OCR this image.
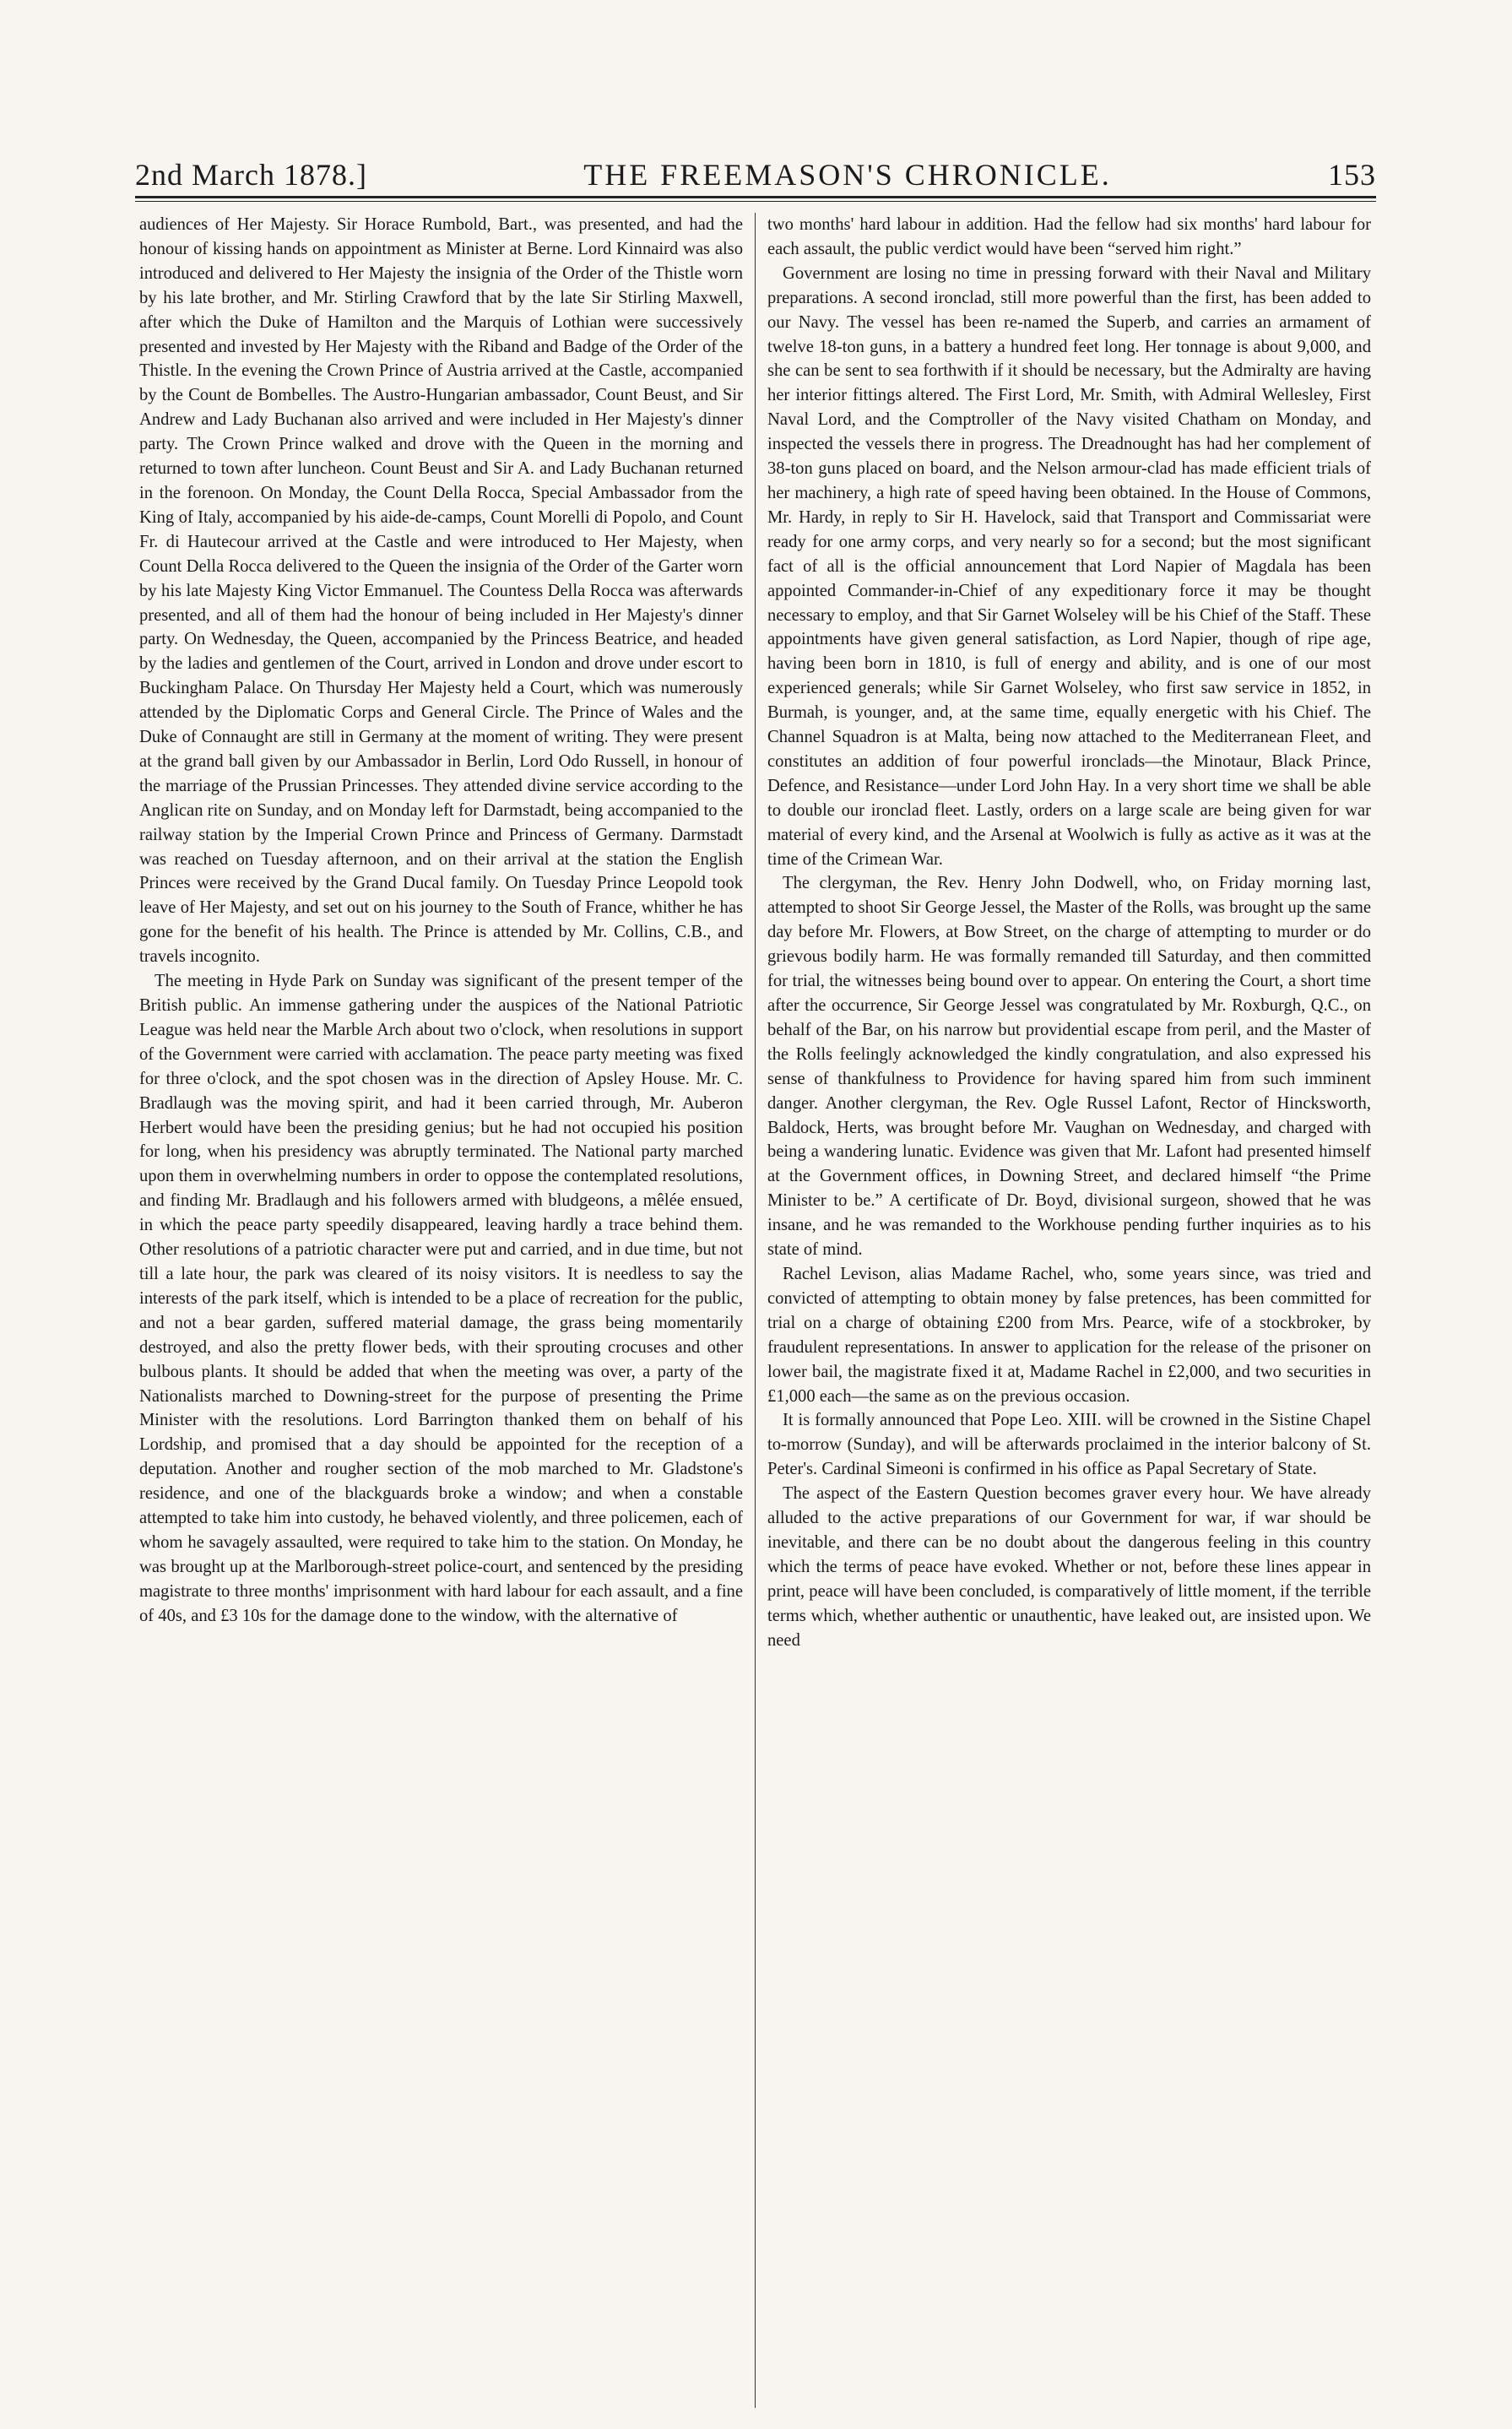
2nd March 1878.]	THE FREEMASON'S CHRONICLE.	153

audiences of Her Majesty. Sir Horace Rumbold, Bart., was presented, and had the honour of kissing hands on appointment as Minister at Berne. Lord Kinnaird was also introduced and delivered to Her Majesty the insignia of the Order of the Thistle worn by his late brother, and Mr. Stirling Crawford that by the late Sir Stirling Maxwell, after which the Duke of Hamilton and the Marquis of Lothian were successively presented and invested by Her Majesty with the Riband and Badge of the Order of the Thistle. In the evening the Crown Prince of Austria arrived at the Castle, accompanied by the Count de Bombelles. The Austro-Hungarian ambassador, Count Beust, and Sir Andrew and Lady Buchanan also arrived and were included in Her Majesty's dinner party. The Crown Prince walked and drove with the Queen in the morning and returned to town after luncheon. Count Beust and Sir A. and Lady Buchanan returned in the forenoon. On Monday, the Count Della Rocca, Special Ambassador from the King of Italy, accompanied by his aide-de-camps, Count Morelli di Popolo, and Count Fr. di Hautecour arrived at the Castle and were introduced to Her Majesty, when Count Della Rocca delivered to the Queen the insignia of the Order of the Garter worn by his late Majesty King Victor Emmanuel. The Countess Della Rocca was afterwards presented, and all of them had the honour of being included in Her Majesty's dinner party. On Wednesday, the Queen, accompanied by the Princess Beatrice, and headed by the ladies and gentlemen of the Court, arrived in London and drove under escort to Buckingham Palace. On Thursday Her Majesty held a Court, which was numerously attended by the Diplomatic Corps and General Circle. The Prince of Wales and the Duke of Connaught are still in Germany at the moment of writing. They were present at the grand ball given by our Ambassador in Berlin, Lord Odo Russell, in honour of the marriage of the Prussian Princesses. They attended divine service according to the Anglican rite on Sunday, and on Monday left for Darmstadt, being accompanied to the railway station by the Imperial Crown Prince and Princess of Germany. Darmstadt was reached on Tuesday afternoon, and on their arrival at the station the English Princes were received by the Grand Ducal family. On Tuesday Prince Leopold took leave of Her Majesty, and set out on his journey to the South of France, whither he has gone for the benefit of his health. The Prince is attended by Mr. Collins, C.B., and travels incognito.

The meeting in Hyde Park on Sunday was significant of the present temper of the British public. An immense gathering under the auspices of the National Patriotic League was held near the Marble Arch about two o'clock, when resolutions in support of the Government were carried with acclamation. The peace party meeting was fixed for three o'clock, and the spot chosen was in the direction of Apsley House. Mr. C. Bradlaugh was the moving spirit, and had it been carried through, Mr. Auberon Herbert would have been the presiding genius; but he had not occupied his position for long, when his presidency was abruptly terminated. The National party marched upon them in overwhelming numbers in order to oppose the contemplated resolutions, and finding Mr. Bradlaugh and his followers armed with bludgeons, a mêlée ensued, in which the peace party speedily disappeared, leaving hardly a trace behind them. Other resolutions of a patriotic character were put and carried, and in due time, but not till a late hour, the park was cleared of its noisy visitors. It is needless to say the interests of the park itself, which is intended to be a place of recreation for the public, and not a bear garden, suffered material damage, the grass being momentarily destroyed, and also the pretty flower beds, with their sprouting crocuses and other bulbous plants. It should be added that when the meeting was over, a party of the Nationalists marched to Downing-street for the purpose of presenting the Prime Minister with the resolutions. Lord Barrington thanked them on behalf of his Lordship, and promised that a day should be appointed for the reception of a deputation. Another and rougher section of the mob marched to Mr. Gladstone's residence, and one of the blackguards broke a window; and when a constable attempted to take him into custody, he behaved violently, and three policemen, each of whom he savagely assaulted, were required to take him to the station. On Monday, he was brought up at the Marlborough-street police-court, and sentenced by the presiding magistrate to three months' imprisonment with hard labour for each assault, and a fine of 40s, and £3 10s for the damage done to the window, with the alternative of

two months' hard labour in addition. Had the fellow had six months' hard labour for each assault, the public verdict would have been “served him right.”

Government are losing no time in pressing forward with their Naval and Military preparations. A second ironclad, still more powerful than the first, has been added to our Navy. The vessel has been re-named the Superb, and carries an armament of twelve 18-ton guns, in a battery a hundred feet long. Her tonnage is about 9,000, and she can be sent to sea forthwith if it should be necessary, but the Admiralty are having her interior fittings altered. The First Lord, Mr. Smith, with Admiral Wellesley, First Naval Lord, and the Comptroller of the Navy visited Chatham on Monday, and inspected the vessels there in progress. The Dreadnought has had her complement of 38-ton guns placed on board, and the Nelson armour-clad has made efficient trials of her machinery, a high rate of speed having been obtained. In the House of Commons, Mr. Hardy, in reply to Sir H. Havelock, said that Transport and Commissariat were ready for one army corps, and very nearly so for a second; but the most significant fact of all is the official announcement that Lord Napier of Magdala has been appointed Commander-in-Chief of any expeditionary force it may be thought necessary to employ, and that Sir Garnet Wolseley will be his Chief of the Staff. These appointments have given general satisfaction, as Lord Napier, though of ripe age, having been born in 1810, is full of energy and ability, and is one of our most experienced generals; while Sir Garnet Wolseley, who first saw service in 1852, in Burmah, is younger, and, at the same time, equally energetic with his Chief. The Channel Squadron is at Malta, being now attached to the Mediterranean Fleet, and constitutes an addition of four powerful ironclads—the Minotaur, Black Prince, Defence, and Resistance—under Lord John Hay. In a very short time we shall be able to double our ironclad fleet. Lastly, orders on a large scale are being given for war material of every kind, and the Arsenal at Woolwich is fully as active as it was at the time of the Crimean War.

The clergyman, the Rev. Henry John Dodwell, who, on Friday morning last, attempted to shoot Sir George Jessel, the Master of the Rolls, was brought up the same day before Mr. Flowers, at Bow Street, on the charge of attempting to murder or do grievous bodily harm. He was formally remanded till Saturday, and then committed for trial, the witnesses being bound over to appear. On entering the Court, a short time after the occurrence, Sir George Jessel was congratulated by Mr. Roxburgh, Q.C., on behalf of the Bar, on his narrow but providential escape from peril, and the Master of the Rolls feelingly acknowledged the kindly congratulation, and also expressed his sense of thankfulness to Providence for having spared him from such imminent danger. Another clergyman, the Rev. Ogle Russel Lafont, Rector of Hincksworth, Baldock, Herts, was brought before Mr. Vaughan on Wednesday, and charged with being a wandering lunatic. Evidence was given that Mr. Lafont had presented himself at the Government offices, in Downing Street, and declared himself “the Prime Minister to be.” A certificate of Dr. Boyd, divisional surgeon, showed that he was insane, and he was remanded to the Workhouse pending further inquiries as to his state of mind.

Rachel Levison, alias Madame Rachel, who, some years since, was tried and convicted of attempting to obtain money by false pretences, has been committed for trial on a charge of obtaining £200 from Mrs. Pearce, wife of a stockbroker, by fraudulent representations. In answer to application for the release of the prisoner on lower bail, the magistrate fixed it at, Madame Rachel in £2,000, and two securities in £1,000 each—the same as on the previous occasion.

It is formally announced that Pope Leo. XIII. will be crowned in the Sistine Chapel to-morrow (Sunday), and will be afterwards proclaimed in the interior balcony of St. Peter's. Cardinal Simeoni is confirmed in his office as Papal Secretary of State.

The aspect of the Eastern Question becomes graver every hour. We have already alluded to the active preparations of our Government for war, if war should be inevitable, and there can be no doubt about the dangerous feeling in this country which the terms of peace have evoked. Whether or not, before these lines appear in print, peace will have been concluded, is comparatively of little moment, if the terrible terms which, whether authentic or unauthentic, have leaked out, are insisted upon. We need
